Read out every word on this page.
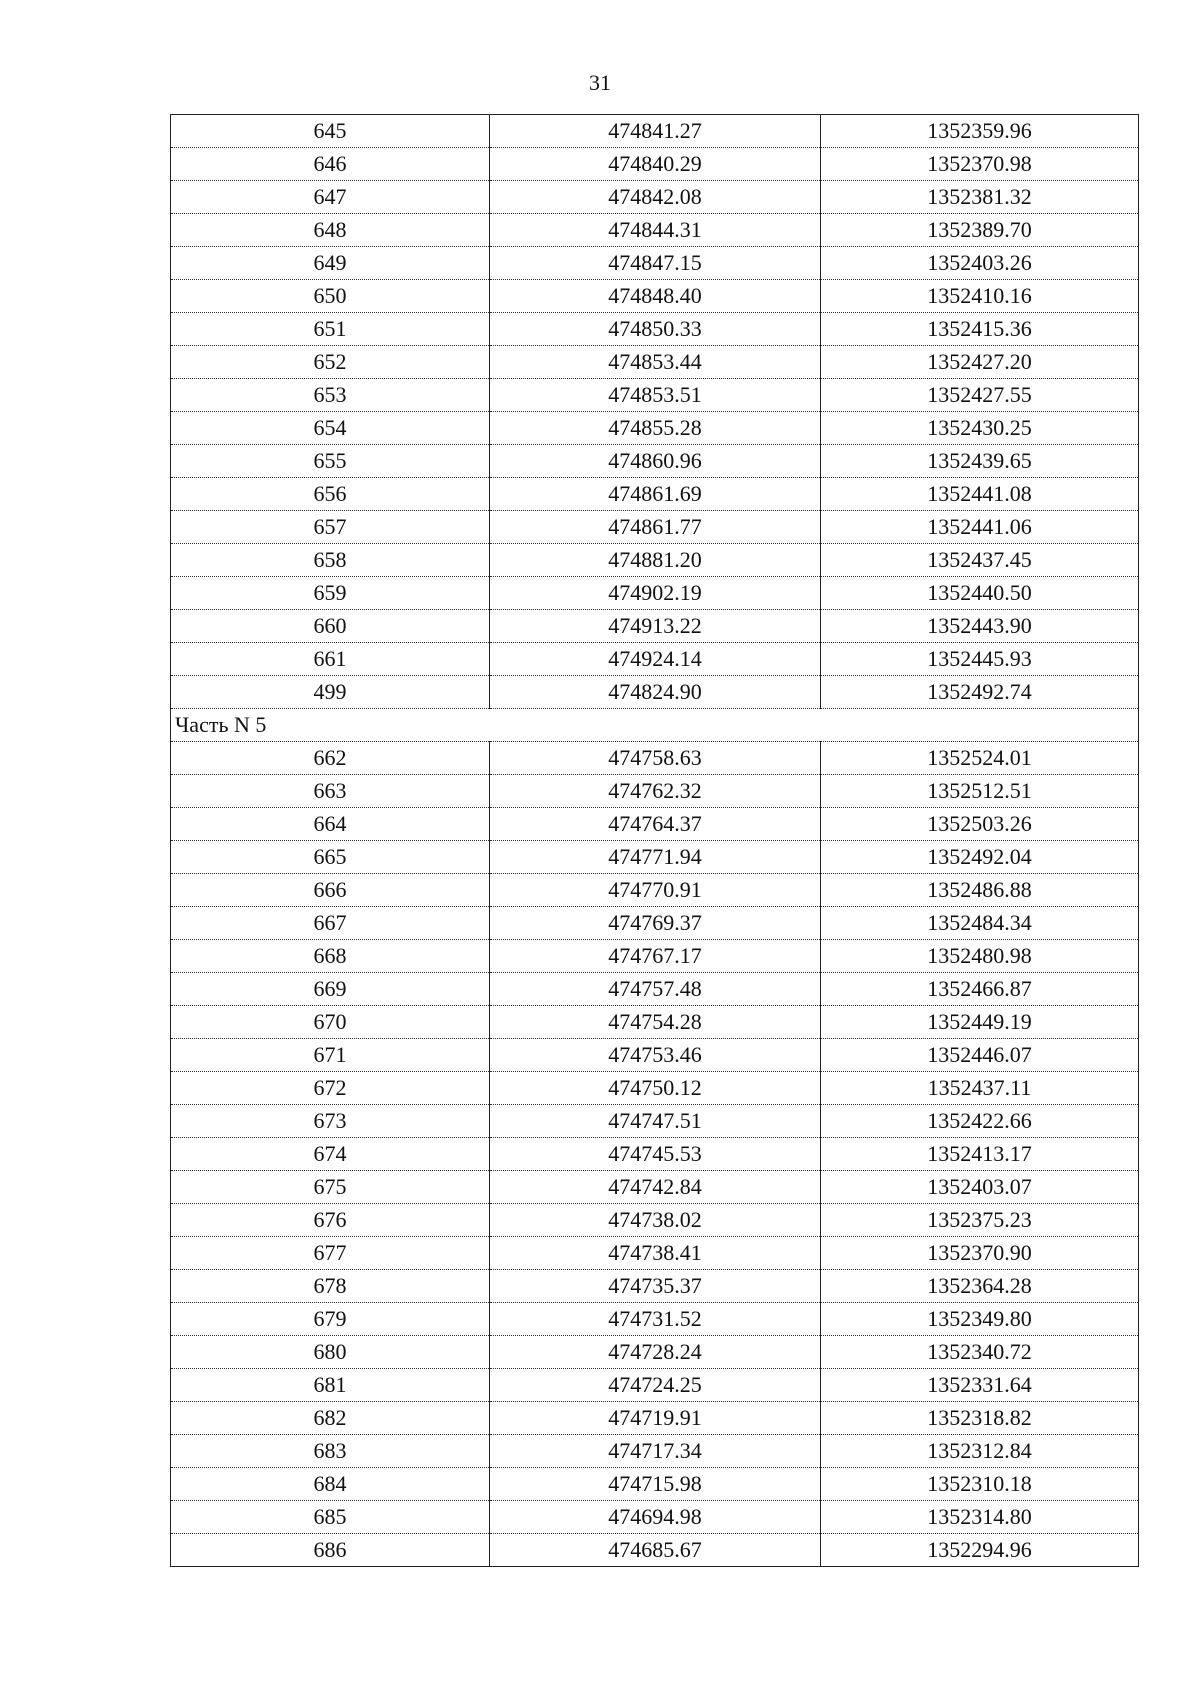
31
645	474841.27	1352359.96
646	474840.29	1352370.98
647	474842.08	1352381.32
648	474844.31	1352389.70
649	474847.15	1352403.26
650	474848.40	1352410.16
651	474850.33	1352415.36
652	474853.44	1352427.20
653	474853.51	1352427.55
654	474855.28	1352430.25
655	474860.96	1352439.65
656	474861.69	1352441.08
657	474861.77	1352441.06
658	474881.20	1352437.45
659	474902.19	1352440.50
660	474913.22	1352443.90
661	474924.14	1352445.93
499	474824.90	1352492.74
Часть N 5		
662	474758.63	1352524.01
663	474762.32	1352512.51
664	474764.37	1352503.26
665	474771.94	1352492.04
666	474770.91	1352486.88
667	474769.37	1352484.34
668	474767.17	1352480.98
669	474757.48	1352466.87
670	474754.28	1352449.19
671	474753.46	1352446.07
672	474750.12	1352437.11
673	474747.51	1352422.66
674	474745.53	1352413.17
675	474742.84	1352403.07
676	474738.02	1352375.23
677	474738.41	1352370.90
678	474735.37	1352364.28
679	474731.52	1352349.80
680	474728.24	1352340.72
681	474724.25	1352331.64
682	474719.91	1352318.82
683	474717.34	1352312.84
684	474715.98	1352310.18
685	474694.98	1352314.80
686	474685.67	1352294.96
